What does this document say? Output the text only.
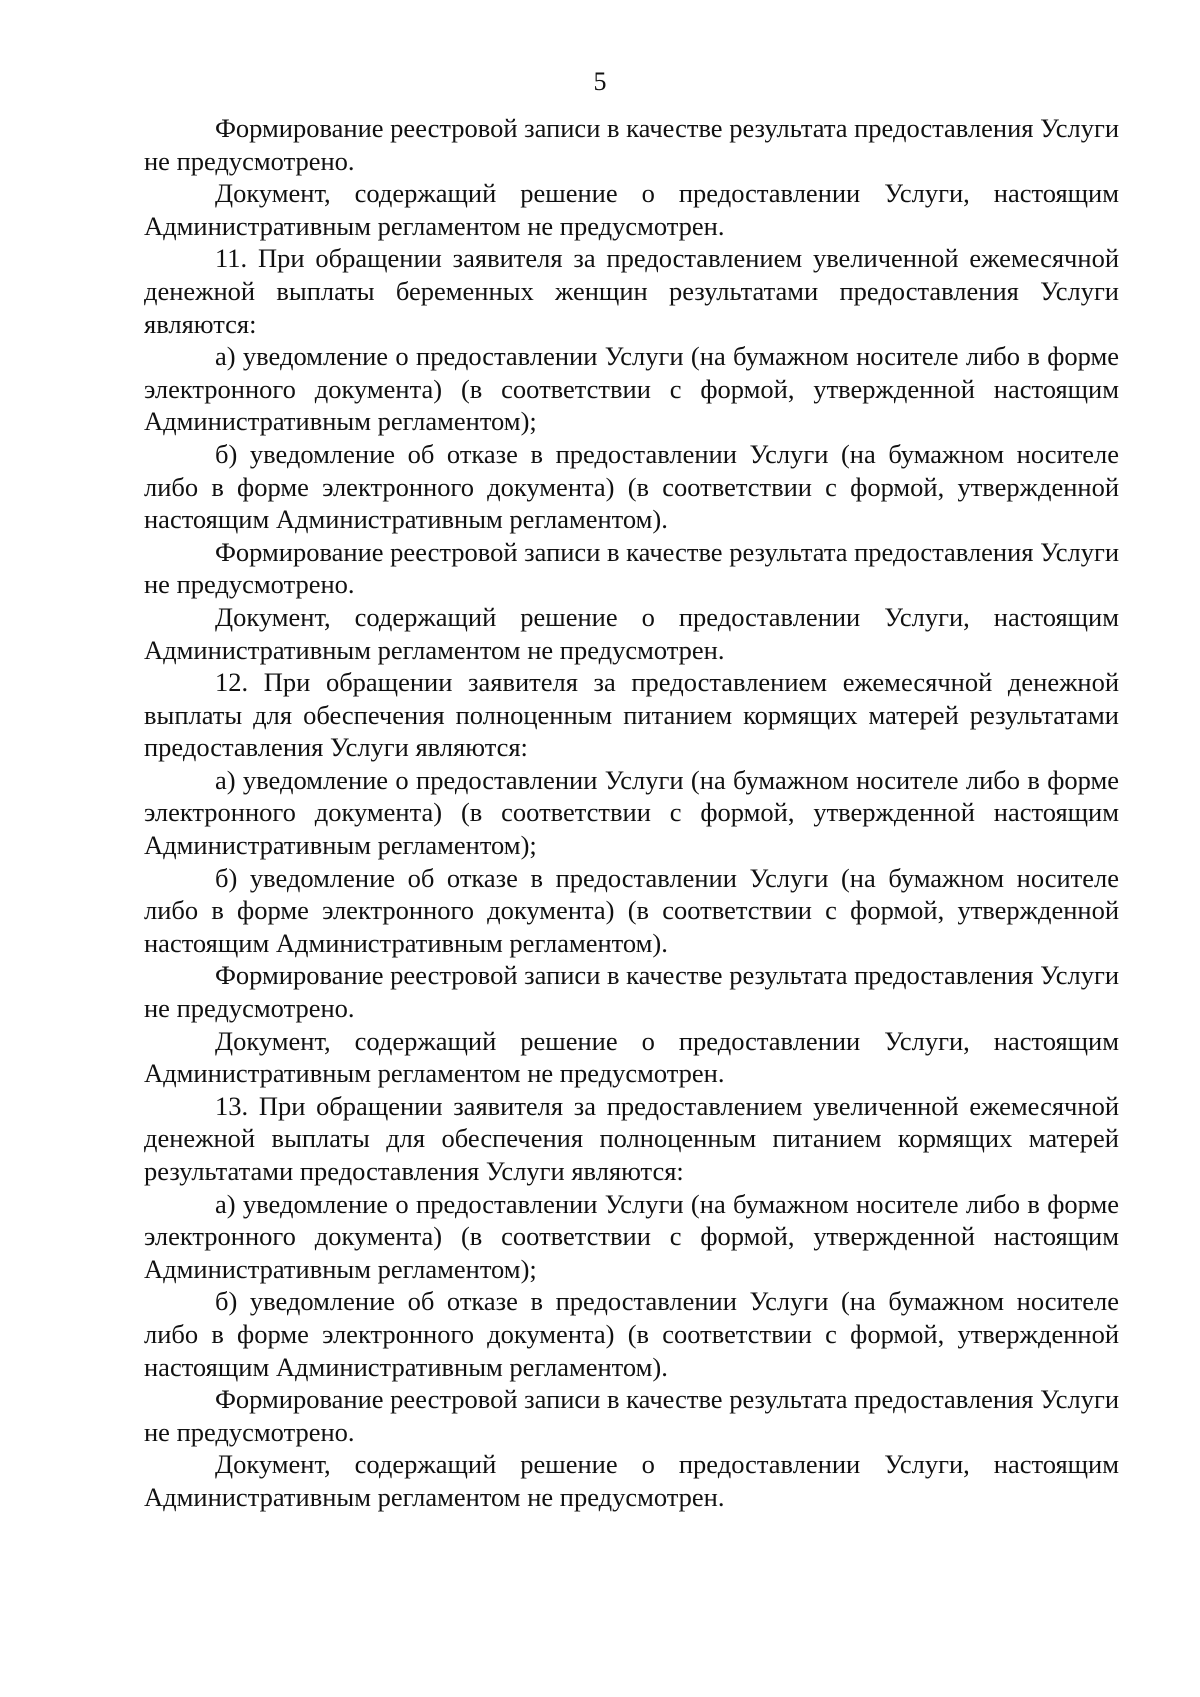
5

Формирование реестровой записи в качестве результата предоставления Услуги не предусмотрено.

Документ, содержащий решение о предоставлении Услуги, настоящим Административным регламентом не предусмотрен.

11. При обращении заявителя за предоставлением увеличенной ежемесячной денежной выплаты беременных женщин результатами предоставления Услуги являются:

а) уведомление о предоставлении Услуги (на бумажном носителе либо в форме электронного документа) (в соответствии с формой, утвержденной настоящим Административным регламентом);

б) уведомление об отказе в предоставлении Услуги (на бумажном носителе либо в форме электронного документа) (в соответствии с формой, утвержденной настоящим Административным регламентом).

Формирование реестровой записи в качестве результата предоставления Услуги не предусмотрено.

Документ, содержащий решение о предоставлении Услуги, настоящим Административным регламентом не предусмотрен.

12. При обращении заявителя за предоставлением ежемесячной денежной выплаты для обеспечения полноценным питанием кормящих матерей результатами предоставления Услуги являются:

а) уведомление о предоставлении Услуги (на бумажном носителе либо в форме электронного документа) (в соответствии с формой, утвержденной настоящим Административным регламентом);

б) уведомление об отказе в предоставлении Услуги (на бумажном носителе либо в форме электронного документа) (в соответствии с формой, утвержденной настоящим Административным регламентом).

Формирование реестровой записи в качестве результата предоставления Услуги не предусмотрено.

Документ, содержащий решение о предоставлении Услуги, настоящим Административным регламентом не предусмотрен.

13. При обращении заявителя за предоставлением увеличенной ежемесячной денежной выплаты для обеспечения полноценным питанием кормящих матерей результатами предоставления Услуги являются:

а) уведомление о предоставлении Услуги (на бумажном носителе либо в форме электронного документа) (в соответствии с формой, утвержденной настоящим Административным регламентом);

б) уведомление об отказе в предоставлении Услуги (на бумажном носителе либо в форме электронного документа) (в соответствии с формой, утвержденной настоящим Административным регламентом).

Формирование реестровой записи в качестве результата предоставления Услуги не предусмотрено.

Документ, содержащий решение о предоставлении Услуги, настоящим Административным регламентом не предусмотрен.
